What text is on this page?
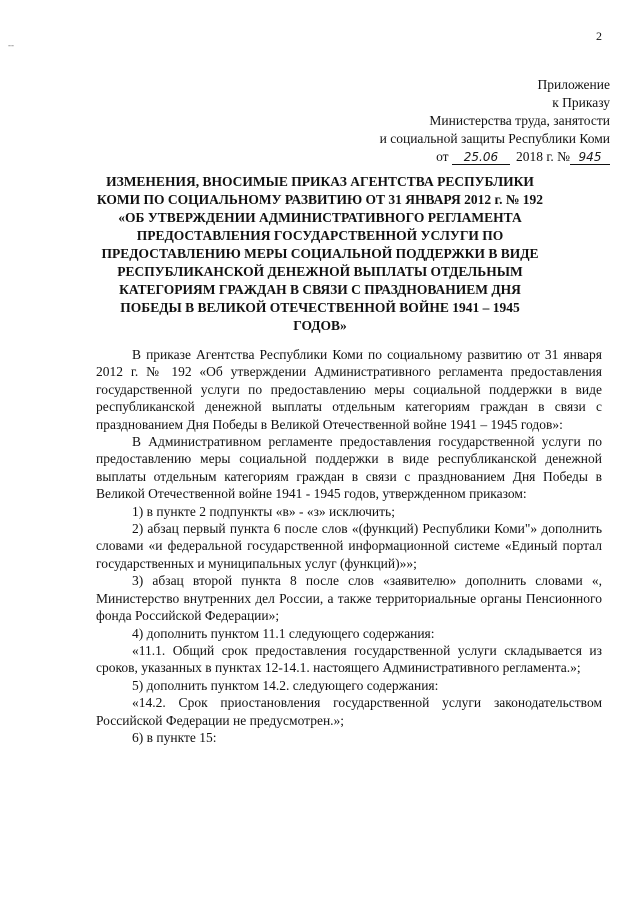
2
--
Приложение
к Приказу
Министерства труда, занятости
и социальной защиты Республики Коми
от 25.06 2018 г. № 945
ИЗМЕНЕНИЯ, ВНОСИМЫЕ ПРИКАЗ АГЕНТСТВА РЕСПУБЛИКИ КОМИ ПО СОЦИАЛЬНОМУ РАЗВИТИЮ ОТ 31 ЯНВАРЯ 2012 г. № 192 «ОБ УТВЕРЖДЕНИИ АДМИНИСТРАТИВНОГО РЕГЛАМЕНТА ПРЕДОСТАВЛЕНИЯ ГОСУДАРСТВЕННОЙ УСЛУГИ ПО ПРЕДОСТАВЛЕНИЮ МЕРЫ СОЦИАЛЬНОЙ ПОДДЕРЖКИ В ВИДЕ РЕСПУБЛИКАНСКОЙ ДЕНЕЖНОЙ ВЫПЛАТЫ ОТДЕЛЬНЫМ КАТЕГОРИЯМ ГРАЖДАН В СВЯЗИ С ПРАЗДНОВАНИЕМ ДНЯ ПОБЕДЫ В ВЕЛИКОЙ ОТЕЧЕСТВЕННОЙ ВОЙНЕ 1941 – 1945 ГОДОВ»

В приказе Агентства Республики Коми по социальному развитию от 31 января 2012 г. № 192 «Об утверждении Административного регламента предоставления государственной услуги по предоставлению меры социальной поддержки в виде республиканской денежной выплаты отдельным категориям граждан в связи с празднованием Дня Победы в Великой Отечественной войне 1941 – 1945 годов»:

В Административном регламенте предоставления государственной услуги по предоставлению меры социальной поддержки в виде республиканской денежной выплаты отдельным категориям граждан в связи с празднованием Дня Победы в Великой Отечественной войне 1941 - 1945 годов, утвержденном приказом:

1) в пункте 2 подпункты «в» - «з» исключить;

2) абзац первый пункта 6 после слов «(функций) Республики Коми"» дополнить словами «и федеральной государственной информационной системе «Единый портал государственных и муниципальных услуг (функций)»»;

3) абзац второй пункта 8 после слов «заявителю» дополнить словами «, Министерство внутренних дел России, а также территориальные органы Пенсионного фонда Российской Федерации»;

4) дополнить пунктом 11.1 следующего содержания:

«11.1. Общий срок предоставления государственной услуги складывается из сроков, указанных в пунктах 12-14.1. настоящего Административного регламента.»;

5) дополнить пунктом 14.2. следующего содержания:

«14.2. Срок приостановления государственной услуги законодательством Российской Федерации не предусмотрен.»;

6) в пункте 15:
